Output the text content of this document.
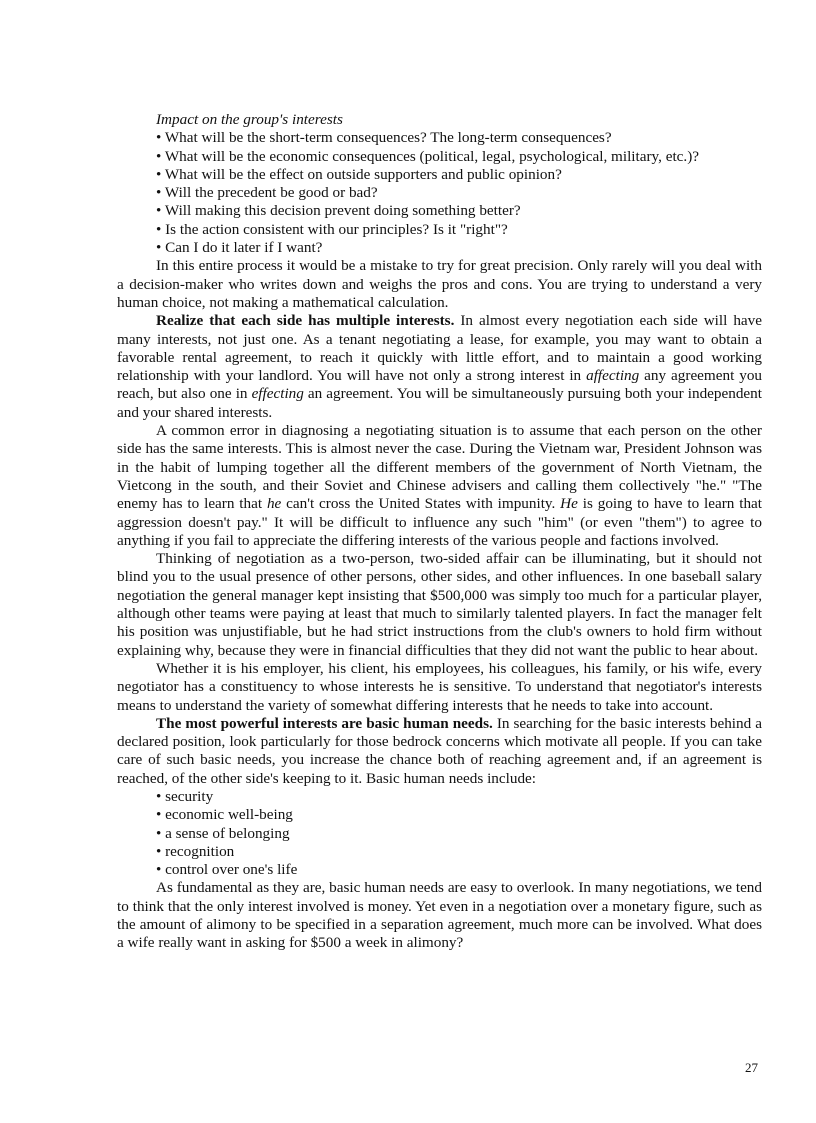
Impact on the group's interests
• What will be the short-term consequences? The long-term consequences?
• What will be the economic consequences (political, legal, psychological, military, etc.)?
• What will be the effect on outside supporters and public opinion?
• Will the precedent be good or bad?
• Will making this decision prevent doing something better?
• Is the action consistent with our principles? Is it "right"?
• Can I do it later if I want?

In this entire process it would be a mistake to try for great precision. Only rarely will you deal with a decision-maker who writes down and weighs the pros and cons. You are trying to understand a very human choice, not making a mathematical calculation.

Realize that each side has multiple interests. In almost every negotiation each side will have many interests, not just one. As a tenant negotiating a lease, for example, you may want to obtain a favorable rental agreement, to reach it quickly with little effort, and to maintain a good working relationship with your landlord. You will have not only a strong interest in affecting any agreement you reach, but also one in effecting an agreement. You will be simultaneously pursuing both your independent and your shared interests.

A common error in diagnosing a negotiating situation is to assume that each person on the other side has the same interests. This is almost never the case. During the Vietnam war, President Johnson was in the habit of lumping together all the different members of the government of North Vietnam, the Vietcong in the south, and their Soviet and Chinese advisers and calling them collectively "he." "The enemy has to learn that he can't cross the United States with impunity. He is going to have to learn that aggression doesn't pay." It will be difficult to influence any such "him" (or even "them") to agree to anything if you fail to appreciate the differing interests of the various people and factions involved.

Thinking of negotiation as a two-person, two-sided affair can be illuminating, but it should not blind you to the usual presence of other persons, other sides, and other influences. In one baseball salary negotiation the general manager kept insisting that $500,000 was simply too much for a particular player, although other teams were paying at least that much to similarly talented players. In fact the manager felt his position was unjustifiable, but he had strict instructions from the club's owners to hold firm without explaining why, because they were in financial difficulties that they did not want the public to hear about.

Whether it is his employer, his client, his employees, his colleagues, his family, or his wife, every negotiator has a constituency to whose interests he is sensitive. To understand that negotiator's interests means to understand the variety of somewhat differing interests that he needs to take into account.

The most powerful interests are basic human needs. In searching for the basic interests behind a declared position, look particularly for those bedrock concerns which motivate all people. If you can take care of such basic needs, you increase the chance both of reaching agreement and, if an agreement is reached, of the other side's keeping to it. Basic human needs include:

• security
• economic well-being
• a sense of belonging
• recognition
• control over one's life

As fundamental as they are, basic human needs are easy to overlook. In many negotiations, we tend to think that the only interest involved is money. Yet even in a negotiation over a monetary figure, such as the amount of alimony to be specified in a separation agreement, much more can be involved. What does a wife really want in asking for $500 a week in alimony?

27
